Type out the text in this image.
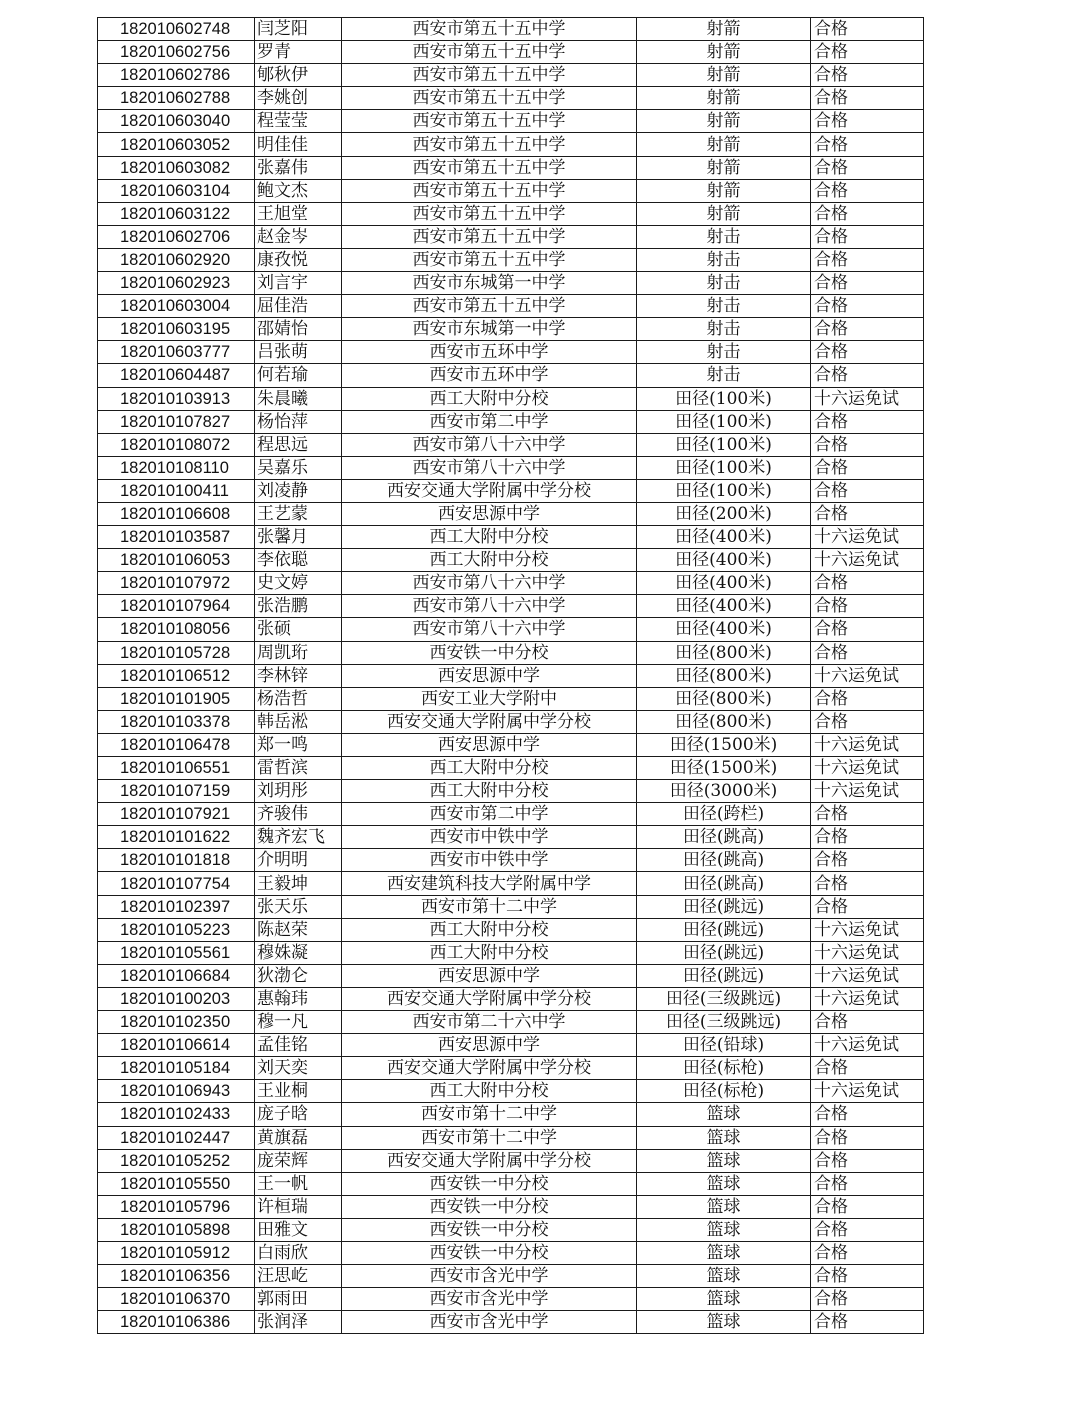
182010602748	闫芝阳	西安市第五十五中学	射箭	合格
182010602756	罗青	西安市第五十五中学	射箭	合格
182010602786	郇秋伊	西安市第五十五中学	射箭	合格
182010602788	李姚创	西安市第五十五中学	射箭	合格
182010603040	程莹莹	西安市第五十五中学	射箭	合格
182010603052	明佳佳	西安市第五十五中学	射箭	合格
182010603082	张嘉伟	西安市第五十五中学	射箭	合格
182010603104	鲍文杰	西安市第五十五中学	射箭	合格
182010603122	王旭堂	西安市第五十五中学	射箭	合格
182010602706	赵金岑	西安市第五十五中学	射击	合格
182010602920	康孜悦	西安市第五十五中学	射击	合格
182010602923	刘言宇	西安市东城第一中学	射击	合格
182010603004	屈佳浩	西安市第五十五中学	射击	合格
182010603195	邵婧怡	西安市东城第一中学	射击	合格
182010603777	吕张萌	西安市五环中学	射击	合格
182010604487	何若瑜	西安市五环中学	射击	合格
182010103913	朱晨曦	西工大附中分校	田径(100米)	十六运免试
182010107827	杨怡萍	西安市第二中学	田径(100米)	合格
182010108072	程思远	西安市第八十六中学	田径(100米)	合格
182010108110	吴嘉乐	西安市第八十六中学	田径(100米)	合格
182010100411	刘凌静	西安交通大学附属中学分校	田径(100米)	合格
182010106608	王艺蒙	西安思源中学	田径(200米)	合格
182010103587	张馨月	西工大附中分校	田径(400米)	十六运免试
182010106053	李依聪	西工大附中分校	田径(400米)	十六运免试
182010107972	史文婷	西安市第八十六中学	田径(400米)	合格
182010107964	张浩鹏	西安市第八十六中学	田径(400米)	合格
182010108056	张硕	西安市第八十六中学	田径(400米)	合格
182010105728	周凯珩	西安铁一中分校	田径(800米)	合格
182010106512	李林锌	西安思源中学	田径(800米)	十六运免试
182010101905	杨浩哲	西安工业大学附中	田径(800米)	合格
182010103378	韩岳淞	西安交通大学附属中学分校	田径(800米)	合格
182010106478	郑一鸣	西安思源中学	田径(1500米)	十六运免试
182010106551	雷哲滨	西工大附中分校	田径(1500米)	十六运免试
182010107159	刘玥彤	西工大附中分校	田径(3000米)	十六运免试
182010107921	齐骏伟	西安市第二中学	田径(跨栏)	合格
182010101622	魏齐宏飞	西安市中铁中学	田径(跳高)	合格
182010101818	介明明	西安市中铁中学	田径(跳高)	合格
182010107754	王毅坤	西安建筑科技大学附属中学	田径(跳高)	合格
182010102397	张天乐	西安市第十二中学	田径(跳远)	合格
182010105223	陈赵荣	西工大附中分校	田径(跳远)	十六运免试
182010105561	穆姝凝	西工大附中分校	田径(跳远)	十六运免试
182010106684	狄渤仑	西安思源中学	田径(跳远)	十六运免试
182010100203	惠翰玮	西安交通大学附属中学分校	田径(三级跳远)	十六运免试
182010102350	穆一凡	西安市第二十六中学	田径(三级跳远)	合格
182010106614	孟佳铭	西安思源中学	田径(铅球)	十六运免试
182010105184	刘天奕	西安交通大学附属中学分校	田径(标枪)	合格
182010106943	王业桐	西工大附中分校	田径(标枪)	十六运免试
182010102433	庞子晗	西安市第十二中学	篮球	合格
182010102447	黄旗磊	西安市第十二中学	篮球	合格
182010105252	庞荣辉	西安交通大学附属中学分校	篮球	合格
182010105550	王一帆	西安铁一中分校	篮球	合格
182010105796	许桓瑞	西安铁一中分校	篮球	合格
182010105898	田雅文	西安铁一中分校	篮球	合格
182010105912	白雨欣	西安铁一中分校	篮球	合格
182010106356	汪思屹	西安市含光中学	篮球	合格
182010106370	郭雨田	西安市含光中学	篮球	合格
182010106386	张润泽	西安市含光中学	篮球	合格
